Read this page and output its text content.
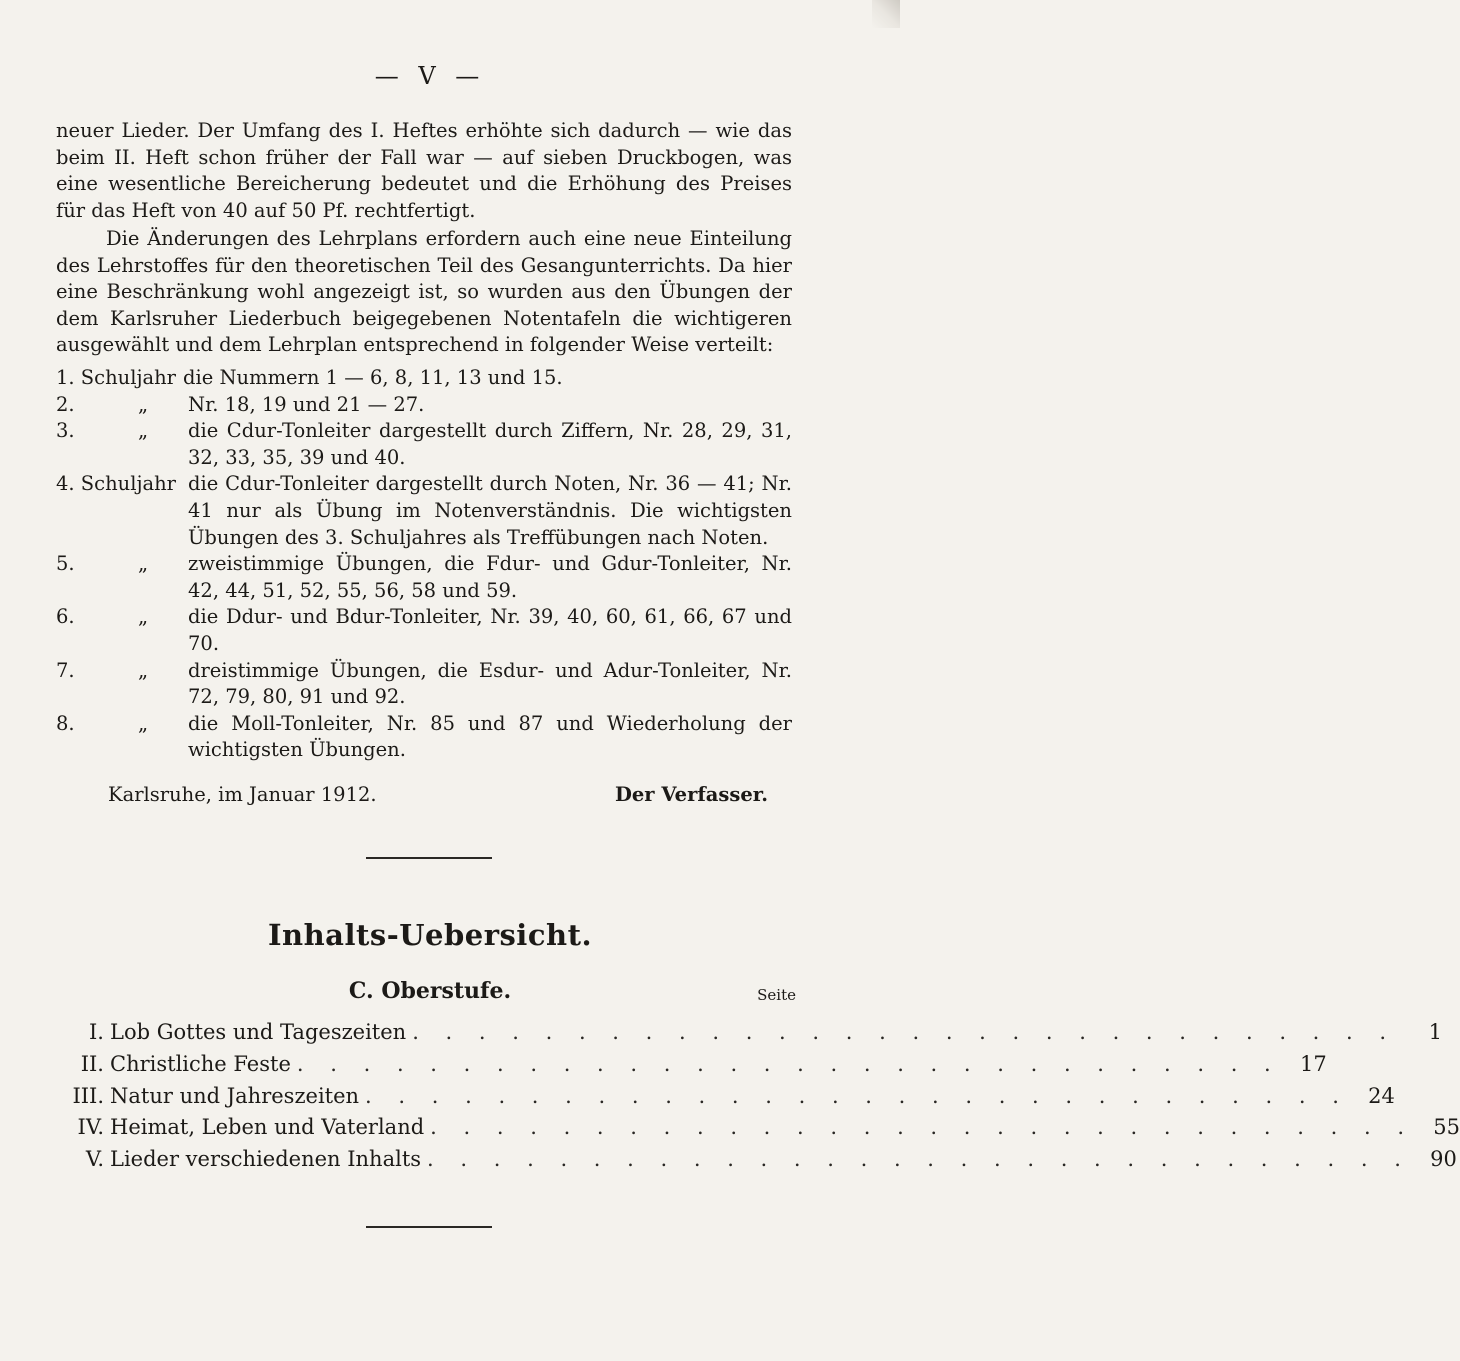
— V —

neuer Lieder. Der Umfang des I. Heftes erhöhte sich dadurch — wie das beim II. Heft schon früher der Fall war — auf sieben Druckbogen, was eine wesentliche Bereicherung bedeutet und die Erhöhung des Preises für das Heft von 40 auf 50 Pf. rechtfertigt.

Die Änderungen des Lehrplans erfordern auch eine neue Einteilung des Lehrstoffes für den theoretischen Teil des Gesangunterrichts. Da hier eine Beschränkung wohl angezeigt ist, so wurden aus den Übungen der dem Karlsruher Liederbuch beigegebenen Notentafeln die wichtigeren ausgewählt und dem Lehrplan entsprechend in folgender Weise verteilt:

1. Schuljahr die Nummern 1 — 6, 8, 11, 13 und 15.
2.	„	Nr. 18, 19 und 21 — 27.
3.	„	die Cdur-Tonleiter dargestellt durch Ziffern, Nr. 28, 29, 31, 32, 33, 35, 39 und 40.
4. Schuljahr die Cdur-Tonleiter dargestellt durch Noten, Nr. 36 — 41; Nr. 41 nur als Übung im Notenverständnis. Die wichtigsten Übungen des 3. Schuljahres als Treffübungen nach Noten.
5.	„	zweistimmige Übungen, die Fdur- und Gdur-Tonleiter, Nr. 42, 44, 51, 52, 55, 56, 58 und 59.
6.	„	die Ddur- und Bdur-Tonleiter, Nr. 39, 40, 60, 61, 66, 67 und 70.
7.	„	dreistimmige Übungen, die Esdur- und Adur-Tonleiter, Nr. 72, 79, 80, 91 und 92.
8.	„	die Moll-Tonleiter, Nr. 85 und 87 und Wiederholung der wichtigsten Übungen.
Karlsruhe, im Januar 1912.	Der Verfasser.
Inhalts-Uebersicht.
C. Oberstufe.	Seite
I. Lob Gottes und Tageszeiten . . . . . . . . . . . . . . . . . . . . . . . . . . . . . .	1
II. Christliche Feste . . . . . . . . . . . . . . . . . . . . . . . . . . . . . . 17
III. Natur und Jahreszeiten . . . . . . . . . . . . . . . . . . . . . . . . . . . . . . 24
IV. Heimat, Leben und Vaterland . . . . . . . . . . . . . . . . . . . . . . . . . . . . . . 55
V. Lieder verschiedenen Inhalts . . . . . . . . . . . . . . . . . . . . . . . . . . . . . . 90
